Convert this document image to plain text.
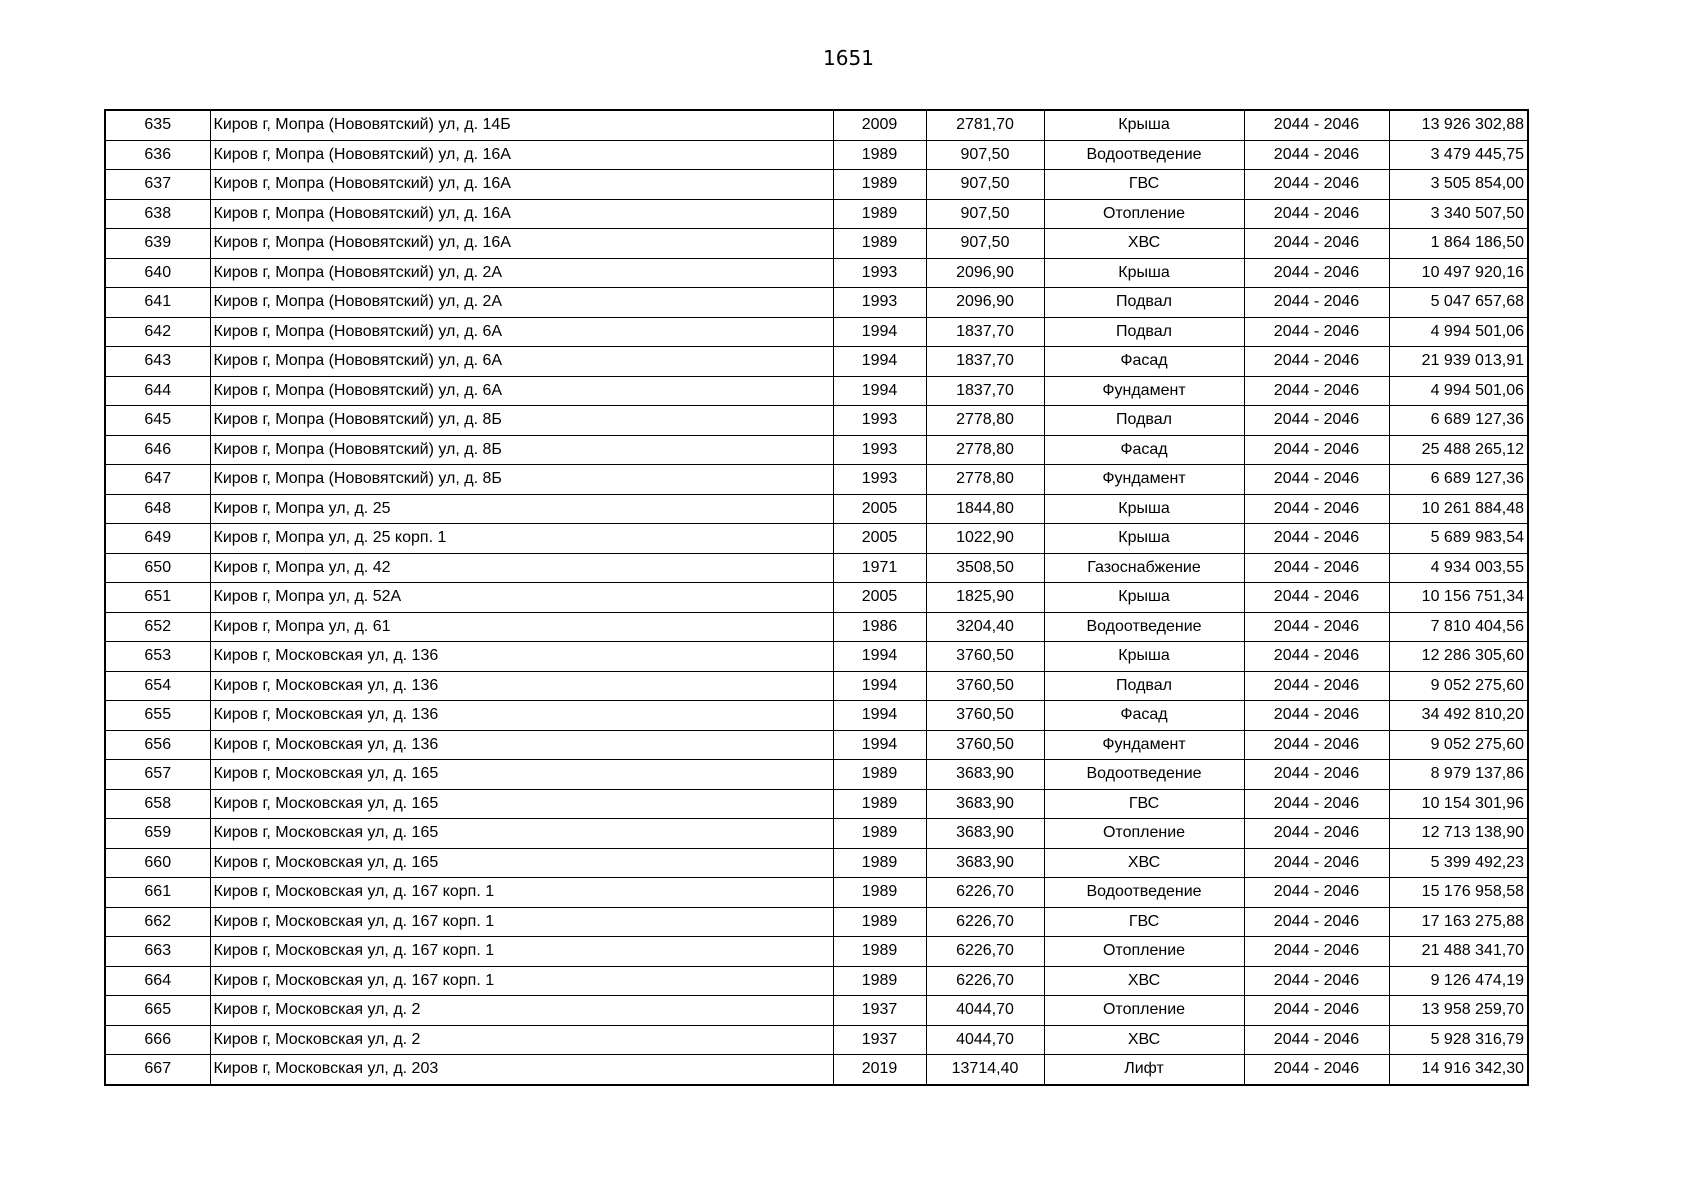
1651
635	Киров г, Мопра (Нововятский) ул, д. 14Б	2009	2781,70	Крыша	2044 - 2046	13 926 302,88
636	Киров г, Мопра (Нововятский) ул, д. 16А	1989	907,50	Водоотведение	2044 - 2046	3 479 445,75
637	Киров г, Мопра (Нововятский) ул, д. 16А	1989	907,50	ГВС	2044 - 2046	3 505 854,00
638	Киров г, Мопра (Нововятский) ул, д. 16А	1989	907,50	Отопление	2044 - 2046	3 340 507,50
639	Киров г, Мопра (Нововятский) ул, д. 16А	1989	907,50	ХВС	2044 - 2046	1 864 186,50
640	Киров г, Мопра (Нововятский) ул, д. 2А	1993	2096,90	Крыша	2044 - 2046	10 497 920,16
641	Киров г, Мопра (Нововятский) ул, д. 2А	1993	2096,90	Подвал	2044 - 2046	5 047 657,68
642	Киров г, Мопра (Нововятский) ул, д. 6А	1994	1837,70	Подвал	2044 - 2046	4 994 501,06
643	Киров г, Мопра (Нововятский) ул, д. 6А	1994	1837,70	Фасад	2044 - 2046	21 939 013,91
644	Киров г, Мопра (Нововятский) ул, д. 6А	1994	1837,70	Фундамент	2044 - 2046	4 994 501,06
645	Киров г, Мопра (Нововятский) ул, д. 8Б	1993	2778,80	Подвал	2044 - 2046	6 689 127,36
646	Киров г, Мопра (Нововятский) ул, д. 8Б	1993	2778,80	Фасад	2044 - 2046	25 488 265,12
647	Киров г, Мопра (Нововятский) ул, д. 8Б	1993	2778,80	Фундамент	2044 - 2046	6 689 127,36
648	Киров г, Мопра ул, д. 25	2005	1844,80	Крыша	2044 - 2046	10 261 884,48
649	Киров г, Мопра ул, д. 25 корп. 1	2005	1022,90	Крыша	2044 - 2046	5 689 983,54
650	Киров г, Мопра ул, д. 42	1971	3508,50	Газоснабжение	2044 - 2046	4 934 003,55
651	Киров г, Мопра ул, д. 52А	2005	1825,90	Крыша	2044 - 2046	10 156 751,34
652	Киров г, Мопра ул, д. 61	1986	3204,40	Водоотведение	2044 - 2046	7 810 404,56
653	Киров г, Московская ул, д. 136	1994	3760,50	Крыша	2044 - 2046	12 286 305,60
654	Киров г, Московская ул, д. 136	1994	3760,50	Подвал	2044 - 2046	9 052 275,60
655	Киров г, Московская ул, д. 136	1994	3760,50	Фасад	2044 - 2046	34 492 810,20
656	Киров г, Московская ул, д. 136	1994	3760,50	Фундамент	2044 - 2046	9 052 275,60
657	Киров г, Московская ул, д. 165	1989	3683,90	Водоотведение	2044 - 2046	8 979 137,86
658	Киров г, Московская ул, д. 165	1989	3683,90	ГВС	2044 - 2046	10 154 301,96
659	Киров г, Московская ул, д. 165	1989	3683,90	Отопление	2044 - 2046	12 713 138,90
660	Киров г, Московская ул, д. 165	1989	3683,90	ХВС	2044 - 2046	5 399 492,23
661	Киров г, Московская ул, д. 167 корп. 1	1989	6226,70	Водоотведение	2044 - 2046	15 176 958,58
662	Киров г, Московская ул, д. 167 корп. 1	1989	6226,70	ГВС	2044 - 2046	17 163 275,88
663	Киров г, Московская ул, д. 167 корп. 1	1989	6226,70	Отопление	2044 - 2046	21 488 341,70
664	Киров г, Московская ул, д. 167 корп. 1	1989	6226,70	ХВС	2044 - 2046	9 126 474,19
665	Киров г, Московская ул, д. 2	1937	4044,70	Отопление	2044 - 2046	13 958 259,70
666	Киров г, Московская ул, д. 2	1937	4044,70	ХВС	2044 - 2046	5 928 316,79
667	Киров г, Московская ул, д. 203	2019	13714,40	Лифт	2044 - 2046	14 916 342,30
